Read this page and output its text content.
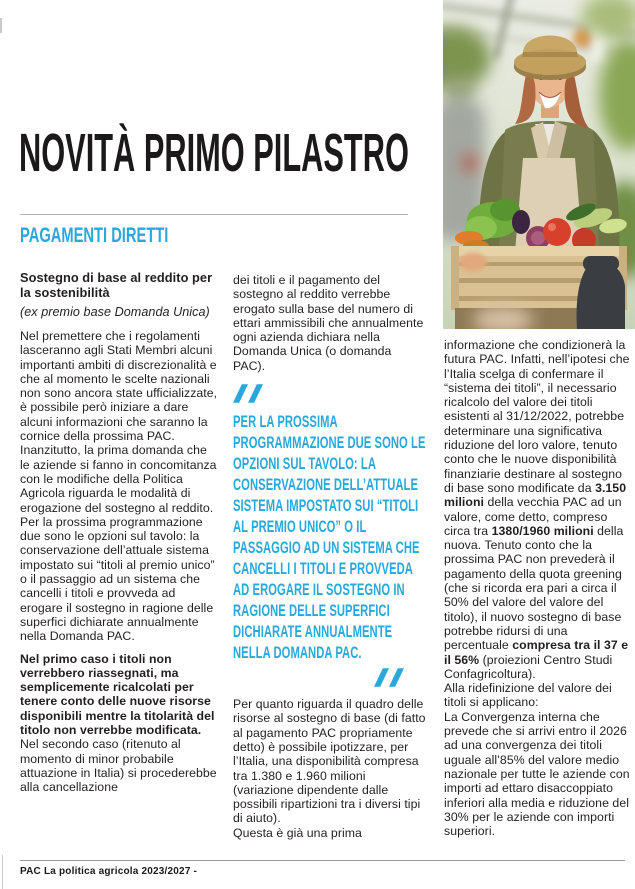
NOVITÀ PRIMO PILASTRO
PAGAMENTI DIRETTI
Sostegno di base al reddito per la sostenibilità
(ex premio base Domanda Unica)
Nel premettere che i regolamenti lasceranno agli Stati Membri alcuni importanti ambiti di discrezionalità e che al momento le scelte nazionali non sono ancora state ufficializzate, è possibile però iniziare a dare alcuni informazioni che saranno la cornice della prossima PAC. Inanzitutto, la prima domanda che le aziende si fanno in concomitanza con le modifiche della Politica Agricola riguarda le modalità di erogazione del sostegno al reddito. Per la prossima programmazione due sono le opzioni sul tavolo: la conservazione dell’attuale sistema impostato sui “titoli al premio unico” o il passaggio ad un sistema che cancelli i titoli e provveda ad erogare il sostegno in ragione delle superfici dichiarate annualmente nella Domanda PAC.
Nel primo caso i titoli non verrebbero riassegnati, ma semplicemente ricalcolati per tenere conto delle nuove risorse disponibili mentre la titolarità del titolo non verrebbe modificata.
Nel secondo caso (ritenuto al momento di minor probabile attuazione in Italia) si procederebbe alla cancellazione
dei titoli e il pagamento del sostegno al reddito verrebbe erogato sulla base del numero di ettari ammissibili che annualmente ogni azienda dichiara nella Domanda Unica (o domanda PAC).
PER LA PROSSIMA
PROGRAMMAZIONE DUE SONO LE
OPZIONI SUL TAVOLO: LA
CONSERVAZIONE DELL’ATTUALE
SISTEMA IMPOSTATO SUI “TITOLI
AL PREMIO UNICO” O IL
PASSAGGIO AD UN SISTEMA CHE
CANCELLI I TITOLI E PROVVEDA
AD EROGARE IL SOSTEGNO IN
RAGIONE DELLE SUPERFICI
DICHIARATE ANNUALMENTE
NELLA DOMANDA PAC.
Per quanto riguarda il quadro delle risorse al sostegno di base (di fatto al pagamento PAC propriamente detto) è possibile ipotizzare, per l’Italia, una disponibilità compresa tra 1.380 e 1.960 milioni (variazione dipendente dalle possibili ripartizioni tra i diversi tipi di aiuto).
Questa è già una prima
informazione che condizionerà la futura PAC. Infatti, nell’ipotesi che l’Italia scelga di confermare il “sistema dei titoli”, il necessario ricalcolo del valore dei titoli esistenti al 31/12/2022, potrebbe determinare una significativa riduzione del loro valore, tenuto conto che le nuove disponibilità finanziarie destinare al sostegno di base sono modificate da 3.150 milioni della vecchia PAC ad un valore, come detto, compreso circa tra 1380/1960 milioni della nuova. Tenuto conto che la prossima PAC non prevederà il pagamento della quota greening (che si ricorda era pari a circa il 50% del valore del valore del titolo), il nuovo sostegno di base potrebbe ridursi di una percentuale compresa tra il 37 e il 56% (proiezioni Centro Studi Confagricoltura).
Alla ridefinizione del valore dei titoli si applicano:
La Convergenza interna che prevede che si arrivi entro il 2026 ad una convergenza dei titoli uguale all’85% del valore medio nazionale per tutte le aziende con importi ad ettaro disaccoppiato inferiori alla media e riduzione del 30% per le aziende con importi superiori.
PAC La politica agricola 2023/2027 -
